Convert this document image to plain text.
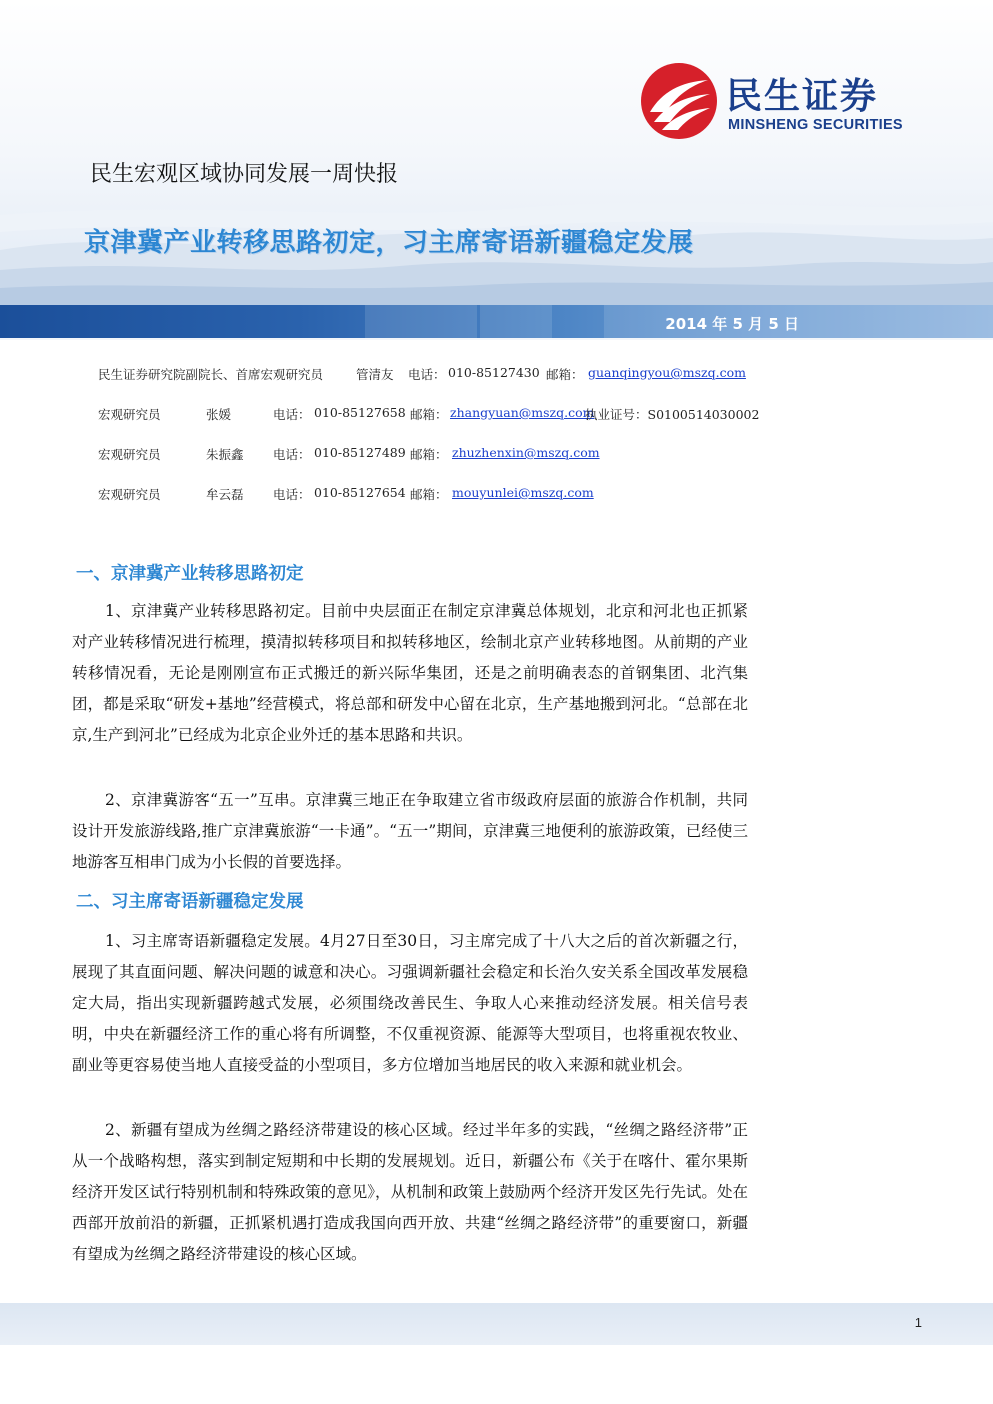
民生证券
MINSHENG SECURITIES
民生宏观区域协同发展一周快报
京津冀产业转移思路初定，习主席寄语新疆稳定发展
2014 年 5 月 5 日
民生证券研究院副院长、首席宏观研究员	管清友 电话： 010-85127430 邮箱： guanqingyou@mszq.com
宏观研究员	张媛	电话： 010-85127658 邮箱： zhangyuan@mszq.com
执业证号：S0100514030002
宏观研究员	朱振鑫 电话： 010-85127489 邮箱： zhuzhenxin@mszq.com
宏观研究员	牟云磊 电话： 010-85127654 邮箱： mouyunlei@mszq.com
一、京津冀产业转移思路初定

1、京津冀产业转移思路初定。目前中央层面正在制定京津冀总体规划，北京和河北也正抓紧对产业转移情况进行梳理，摸清拟转移项目和拟转移地区，绘制北京产业转移地图。从前期的产业转移情况看，无论是刚刚宣布正式搬迁的新兴际华集团，还是之前明确表态的首钢集团、北汽集团，都是采取“研发+基地”经营模式，将总部和研发中心留在北京，生产基地搬到河北。“总部在北京,生产到河北”已经成为北京企业外迁的基本思路和共识。

2、京津冀游客“五一”互串。京津冀三地正在争取建立省市级政府层面的旅游合作机制，共同设计开发旅游线路,推广京津冀旅游“一卡通”。“五一”期间，京津冀三地便利的旅游政策，已经使三地游客互相串门成为小长假的首要选择。

二、习主席寄语新疆稳定发展

1、习主席寄语新疆稳定发展。4月27日至30日，习主席完成了十八大之后的首次新疆之行，展现了其直面问题、解决问题的诚意和决心。习强调新疆社会稳定和长治久安关系全国改革发展稳定大局，指出实现新疆跨越式发展，必须围绕改善民生、争取人心来推动经济发展。相关信号表明，中央在新疆经济工作的重心将有所调整，不仅重视资源、能源等大型项目，也将重视农牧业、副业等更容易使当地人直接受益的小型项目，多方位增加当地居民的收入来源和就业机会。

2、新疆有望成为丝绸之路经济带建设的核心区域。经过半年多的实践，“丝绸之路经济带”正从一个战略构想，落实到制定短期和中长期的发展规划。近日，新疆公布《关于在喀什、霍尔果斯经济开发区试行特别机制和特殊政策的意见》，从机制和政策上鼓励两个经济开发区先行先试。处在西部开放前沿的新疆，正抓紧机遇打造成我国向西开放、共建“丝绸之路经济带”的重要窗口，新疆有望成为丝绸之路经济带建设的核心区域。

1
